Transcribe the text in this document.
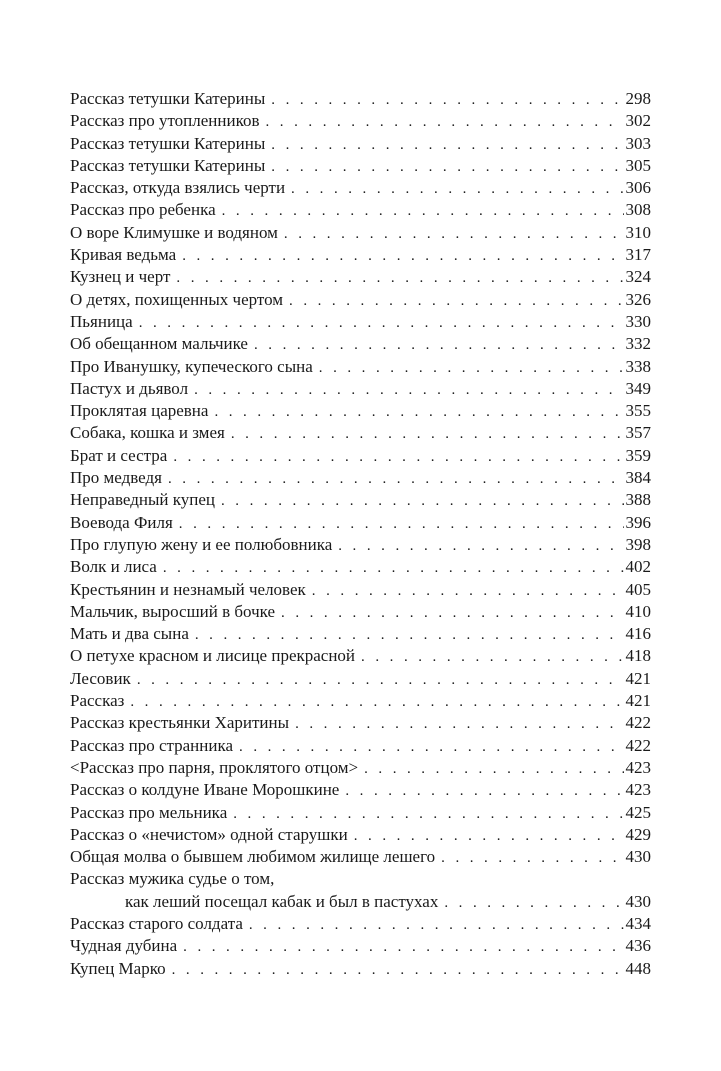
Рассказ тетушки Катерины . . .	298
Рассказ про утопленников . . .	302
Рассказ тетушки Катерины . . .	303
Рассказ тетушки Катерины . . .	305
Рассказ, откуда взялись черти . . .	306
Рассказ про ребенка . . .	308
О воре Климушке и водяном . . .	310
Кривая ведьма . . .	317
Кузнец и черт . . .	324
О детях, похищенных чертом . . .	326
Пьяница . . .	330
Об обещанном мальчике . . .	332
Про Иванушку, купеческого сына . . .	338
Пастух и дьявол . . .	349
Проклятая царевна . . .	355
Собака, кошка и змея . . .	357
Брат и сестра . . .	359
Про медведя . . .	384
Неправедный купец . . .	388
Воевода Филя . . .	396
Про глупую жену и ее полюбовника . . .	398
Волк и лиса . . .	402
Крестьянин и незнамый человек . . .	405
Мальчик, выросший в бочке . . .	410
Мать и два сына . . .	416
О петухе красном и лисице прекрасной . . .	418
Лесовик . . .	421
Рассказ . . .	421
Рассказ крестьянки Харитины . . .	422
Рассказ про странника . . .	422
<Рассказ про парня, проклятого отцом> . . .	423
Рассказ о колдуне Иване Морошкине . . .	423
Рассказ про мельника . . .	425
Рассказ о «нечистом» одной старушки . . .	429
Общая молва о бывшем любимом жилище лешего . . .	430
Рассказ мужика судье о том,
как леший посещал кабак и был в пастухах . . .	430
Рассказ старого солдата . . .	434
Чудная дубина . . .	436
Купец Марко . . .	448
